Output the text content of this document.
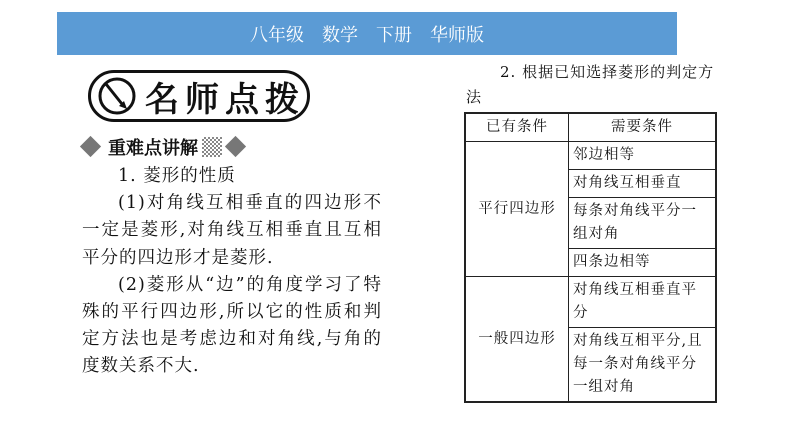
八年级 数学 下册 华师版
名师点拨
重难点讲解

1. 菱形的性质

(1)对角线互相垂直的四边形不一定是菱形,对角线互相垂直且互相平分的四边形才是菱形.

(2)菱形从“边”的角度学习了特殊的平行四边形,所以它的性质和判定方法也是考虑边和对角线,与角的度数关系不大.

2. 根据已知选择菱形的判定方法
已有条件	需要条件
平行四边形	邻边相等
	对角线互相垂直
	每条对角线平分一组对角
	四条边相等
一般四边形	对角线互相垂直平分
	对角线互相平分,且每一条对角线平分一组对角
